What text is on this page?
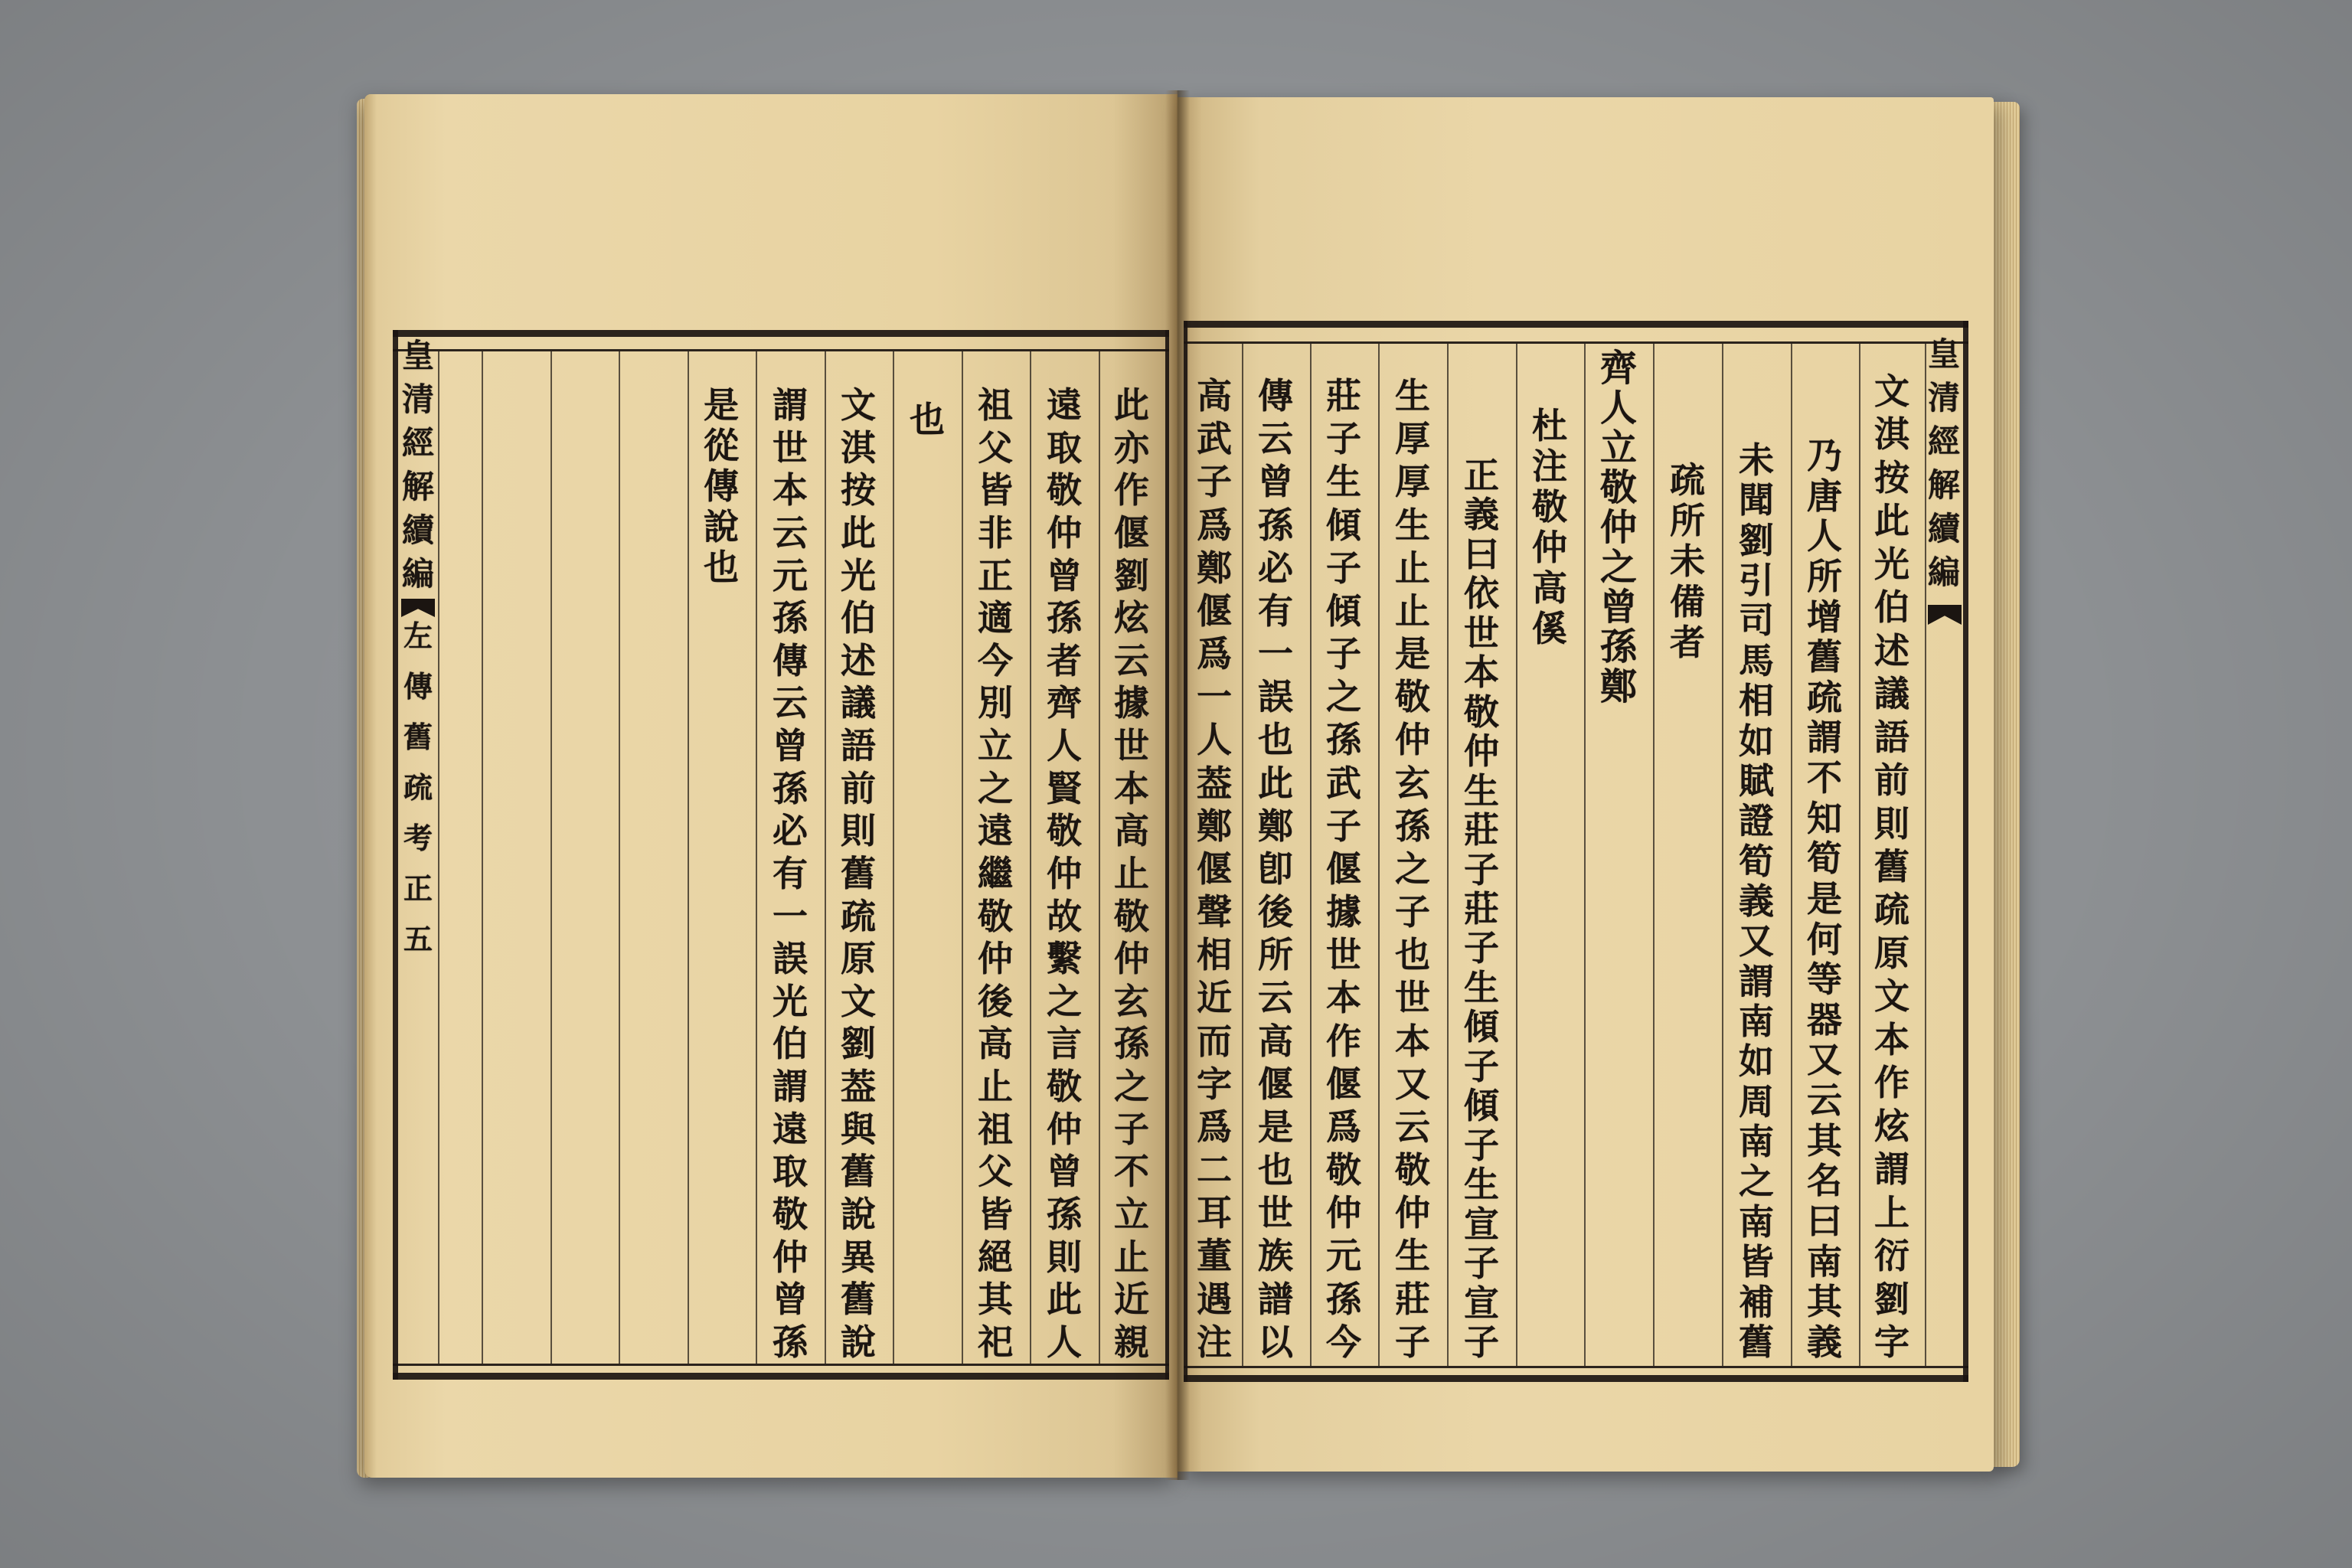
皇
清
經
解
續
編
文
淇
按
此
光
伯
述
議
語
前
則
舊
疏
原
文
本
作
炫
謂
上
衍
劉
字
乃
唐
人
所
增
舊
疏
謂
不
知
筍
是
何
等
器
又
云
其
名
曰
南
其
義
未
聞
劉
引
司
馬
相
如
賦
證
筍
義
又
謂
南
如
周
南
之
南
皆
補
舊
疏
所
未
備
者
齊
人
立
敬
仲
之
曾
孫
鄭
杜
注
敬
仲
高
傒
正
義
曰
依
世
本
敬
仲
生
莊
子
莊
子
生
傾
子
傾
子
生
宣
子
宣
子
生
厚
厚
生
止
止
是
敬
仲
玄
孫
之
子
也
世
本
又
云
敬
仲
生
莊
子
莊
子
生
傾
子
傾
子
之
孫
武
子
偃
據
世
本
作
偃
爲
敬
仲
元
孫
今
傳
云
曾
孫
必
有
一
誤
也
此
鄭
卽
後
所
云
高
偃
是
也
世
族
譜
以
高
武
子
爲
鄭
偃
爲
一
人
葢
鄭
偃
聲
相
近
而
字
爲
二
耳
董
遇
注
皇
清
經
解
續
編
左
傳
舊
疏
考
正
五
此
亦
作
偃
劉
炫
云
據
世
本
高
止
敬
仲
玄
孫
之
子
不
立
止
近
親
遠
取
敬
仲
曾
孫
者
齊
人
賢
敬
仲
故
繫
之
言
敬
仲
曾
孫
則
此
人
祖
父
皆
非
正
適
今
別
立
之
遠
繼
敬
仲
後
高
止
祖
父
皆
絕
其
祀
也
文
淇
按
此
光
伯
述
議
語
前
則
舊
疏
原
文
劉
葢
與
舊
說
異
舊
說
謂
世
本
云
元
孫
傳
云
曾
孫
必
有
一
誤
光
伯
謂
遠
取
敬
仲
曾
孫
是
從
傳
說
也
